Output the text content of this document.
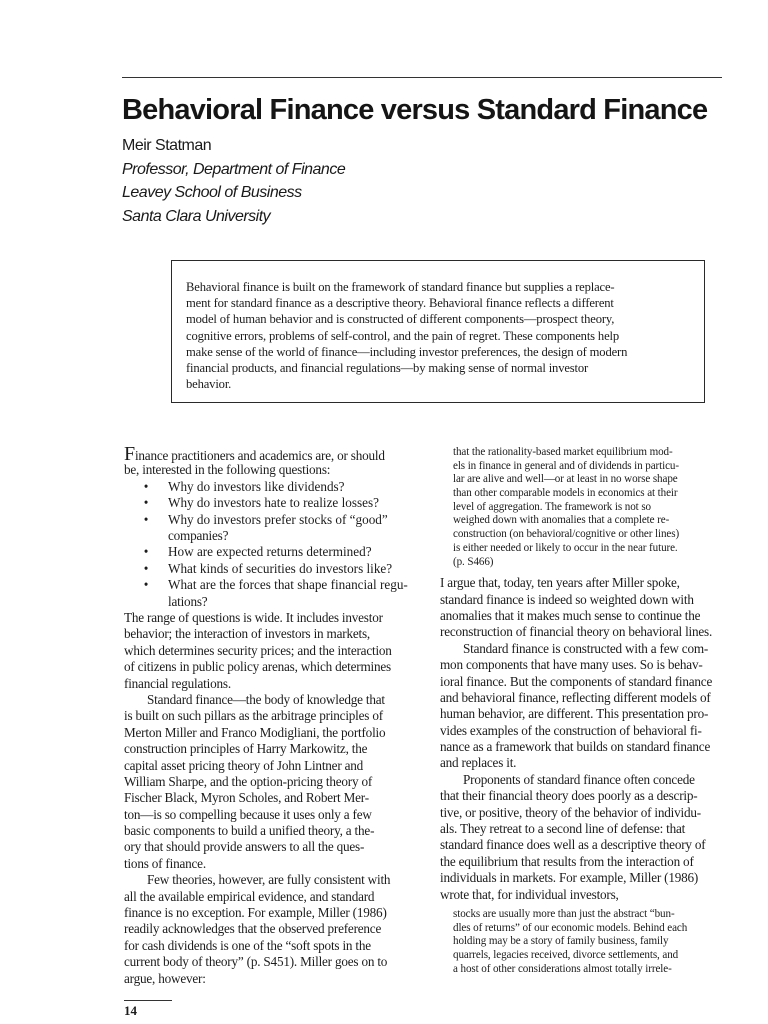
Behavioral Finance versus Standard Finance
Meir Statman
Professor, Department of Finance
Leavey School of Business
Santa Clara University
Behavioral finance is built on the framework of standard finance but supplies a replace-
ment for standard finance as a descriptive theory. Behavioral finance reflects a different
model of human behavior and is constructed of different components—prospect theory,
cognitive errors, problems of self-control, and the pain of regret. These components help
make sense of the world of finance—including investor preferences, the design of modern
financial products, and financial regulations—by making sense of normal investor
behavior.
Finance practitioners and academics are, or should
be, interested in the following questions:
•	Why do investors like dividends?
•	Why do investors hate to realize losses?
•	Why do investors prefer stocks of “good”
companies?
•	How are expected returns determined?
•	What kinds of securities do investors like?
•	What are the forces that shape financial regu-
lations?
The range of questions is wide. It includes investor
behavior; the interaction of investors in markets,
which determines security prices; and the interaction
of citizens in public policy arenas, which determines
financial regulations.
Standard finance—the body of knowledge that
is built on such pillars as the arbitrage principles of
Merton Miller and Franco Modigliani, the portfolio
construction principles of Harry Markowitz, the
capital asset pricing theory of John Lintner and
William Sharpe, and the option-pricing theory of
Fischer Black, Myron Scholes, and Robert Mer-
ton—is so compelling because it uses only a few
basic components to build a unified theory, a the-
ory that should provide answers to all the ques-
tions of finance.
Few theories, however, are fully consistent with
all the available empirical evidence, and standard
finance is no exception. For example, Miller (1986)
readily acknowledges that the observed preference
for cash dividends is one of the “soft spots in the
current body of theory” (p. S451). Miller goes on to
argue, however:
that the rationality-based market equilibrium mod-
els in finance in general and of dividends in particu-
lar are alive and well—or at least in no worse shape
than other comparable models in economics at their
level of aggregation. The framework is not so
weighed down with anomalies that a complete re-
construction (on behavioral/cognitive or other lines)
is either needed or likely to occur in the near future.
(p. S466)
I argue that, today, ten years after Miller spoke,
standard finance is indeed so weighted down with
anomalies that it makes much sense to continue the
reconstruction of financial theory on behavioral lines.
Standard finance is constructed with a few com-
mon components that have many uses. So is behav-
ioral finance. But the components of standard finance
and behavioral finance, reflecting different models of
human behavior, are different. This presentation pro-
vides examples of the construction of behavioral fi-
nance as a framework that builds on standard finance
and replaces it.
Proponents of standard finance often concede
that their financial theory does poorly as a descrip-
tive, or positive, theory of the behavior of individu-
als. They retreat to a second line of defense: that
standard finance does well as a descriptive theory of
the equilibrium that results from the interaction of
individuals in markets. For example, Miller (1986)
wrote that, for individual investors,
stocks are usually more than just the abstract “bun-
dles of returns” of our economic models. Behind each
holding may be a story of family business, family
quarrels, legacies received, divorce settlements, and
a host of other considerations almost totally irrele-
14
